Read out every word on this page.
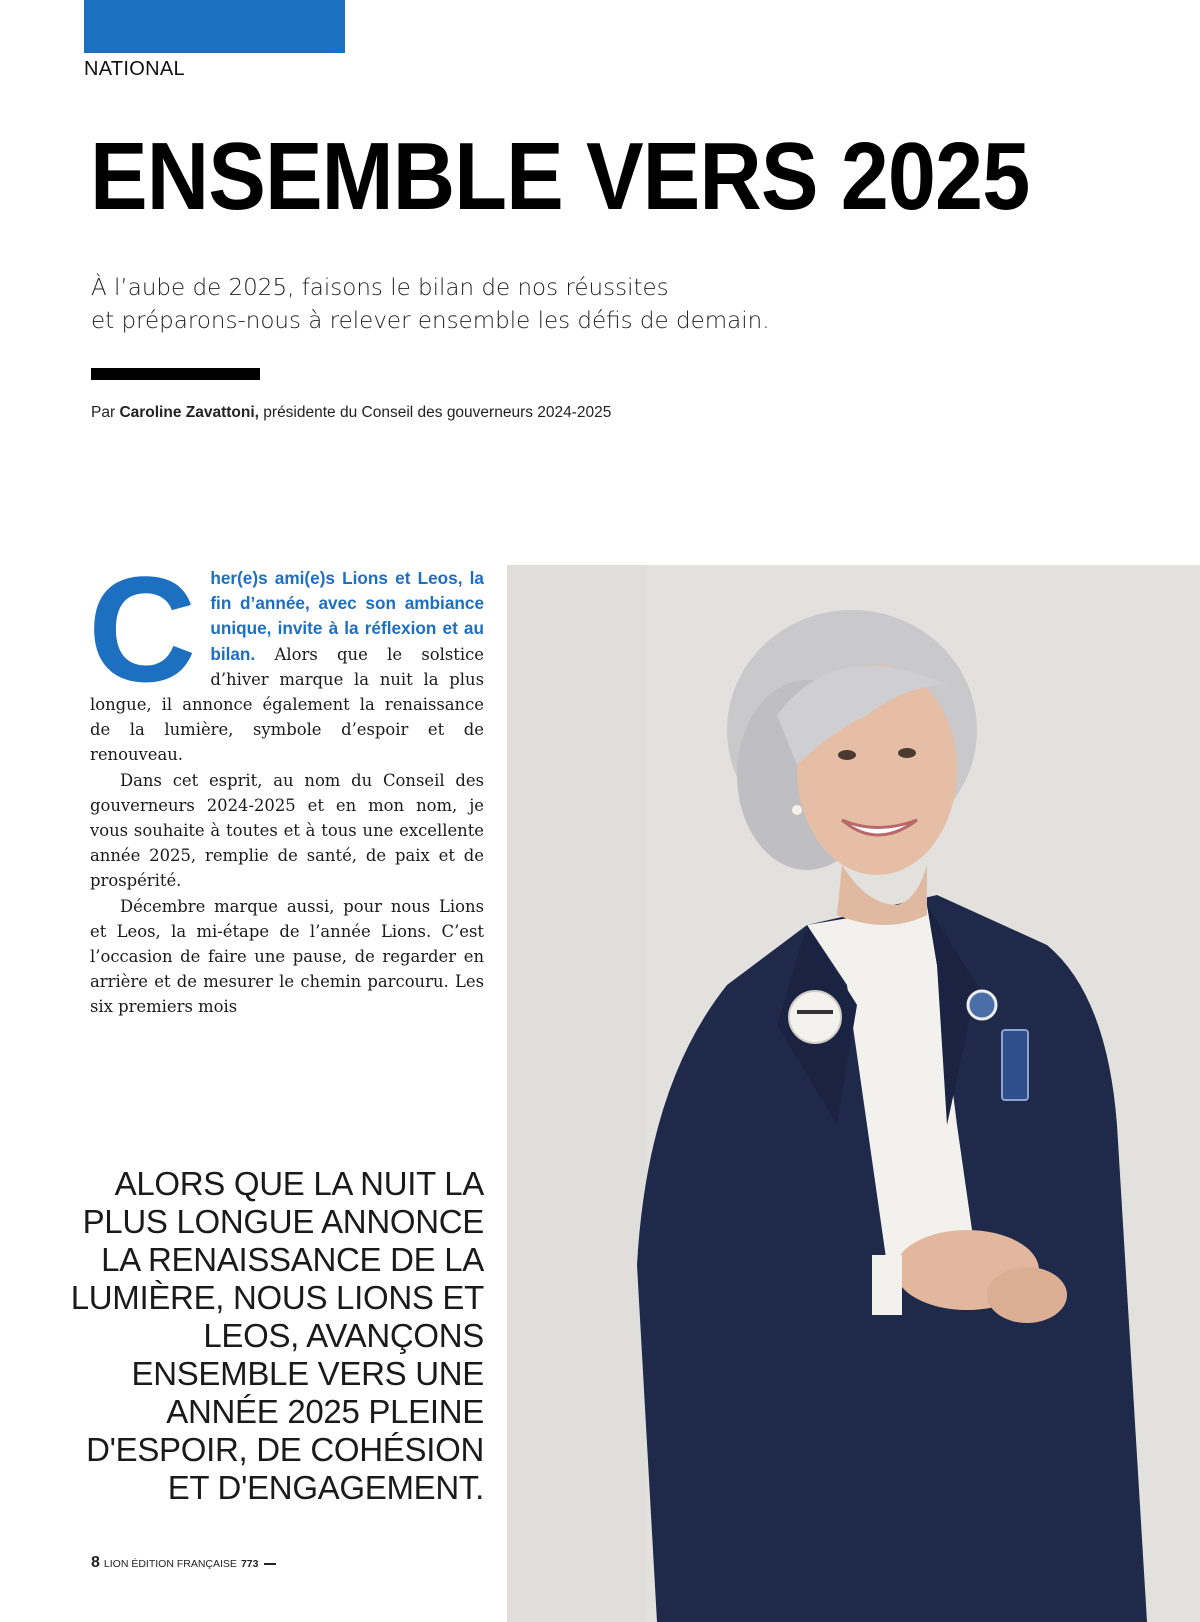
NATIONAL
ENSEMBLE VERS 2025
À l’aube de 2025, faisons le bilan de nos réussites
et préparons-nous à relever ensemble les défis de demain.
Par Caroline Zavattoni, présidente du Conseil des gouverneurs 2024-2025
C her(e)s ami(e)s Lions et Leos, la fin d’année, avec son ambiance unique, invite à la réflexion et au bilan. Alors que le solstice d’hiver marque la nuit la plus longue, il annonce également la renaissance de la lumière, symbole d’espoir et de renouveau.

Dans cet esprit, au nom du Conseil des gouverneurs 2024-2025 et en mon nom, je vous souhaite à toutes et à tous une excellente année 2025, remplie de santé, de paix et de prospérité.

Décembre marque aussi, pour nous Lions et Leos, la mi-étape de l’année Lions. C’est l’occasion de faire une pause, de regarder en arrière et de mesurer le chemin parcouru. Les six premiers mois

ALORS QUE LA NUIT LA PLUS LONGUE ANNONCE LA RENAISSANCE DE LA LUMIÈRE, NOUS LIONS ET LEOS, AVANÇONS ENSEMBLE VERS UNE ANNÉE 2025 PLEINE D'ESPOIR, DE COHÉSION ET D'ENGAGEMENT.
8 LION ÉDITION FRANÇAISE 773
